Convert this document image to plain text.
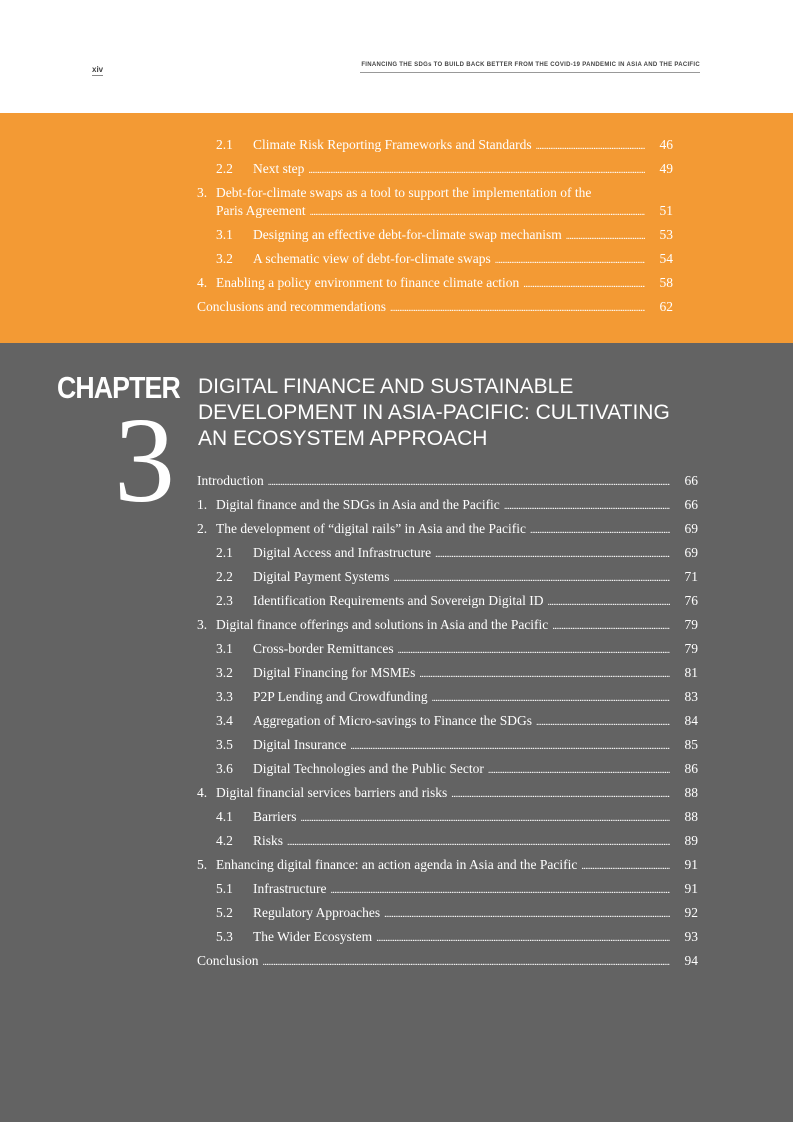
xiv	FINANCING THE SDGs TO BUILD BACK BETTER FROM THE COVID-19 PANDEMIC IN ASIA AND THE PACIFIC
2.1	Climate Risk Reporting Frameworks and Standards . . .	46
2.2	Next step . . .	49
3. Debt-for-climate swaps as a tool to support the implementation of the
Paris Agreement . . .	51
3.1	Designing an effective debt-for-climate swap mechanism . . .	53
3.2	A schematic view of debt-for-climate swaps . . .	54
4. Enabling a policy environment to finance climate action . . .	58
Conclusions and recommendations . . .	62
CHAPTER
3
DIGITAL FINANCE AND SUSTAINABLE
DEVELOPMENT IN ASIA-PACIFIC: CULTIVATING
AN ECOSYSTEM APPROACH
Introduction . . .	66
1. Digital finance and the SDGs in Asia and the Pacific . . .	66
2. The development of “digital rails” in Asia and the Pacific . . .	69
2.1	Digital Access and Infrastructure . . .	69
2.2	Digital Payment Systems . . .	71
2.3	Identification Requirements and Sovereign Digital ID . . .	76
3. Digital finance offerings and solutions in Asia and the Pacific . . .	79
3.1	Cross-border Remittances . . .	79
3.2	Digital Financing for MSMEs . . .	81
3.3	P2P Lending and Crowdfunding . . .	83
3.4	Aggregation of Micro-savings to Finance the SDGs . . .	84
3.5	Digital Insurance . . .	85
3.6	Digital Technologies and the Public Sector . . .	86
4. Digital financial services barriers and risks . . .	88
4.1	Barriers . . .	88
4.2	Risks . . .	89
5. Enhancing digital finance: an action agenda in Asia and the Pacific . . .	91
5.1	Infrastructure . . .	91
5.2	Regulatory Approaches . . .	92
5.3	The Wider Ecosystem . . .	93
Conclusion . . .	94
